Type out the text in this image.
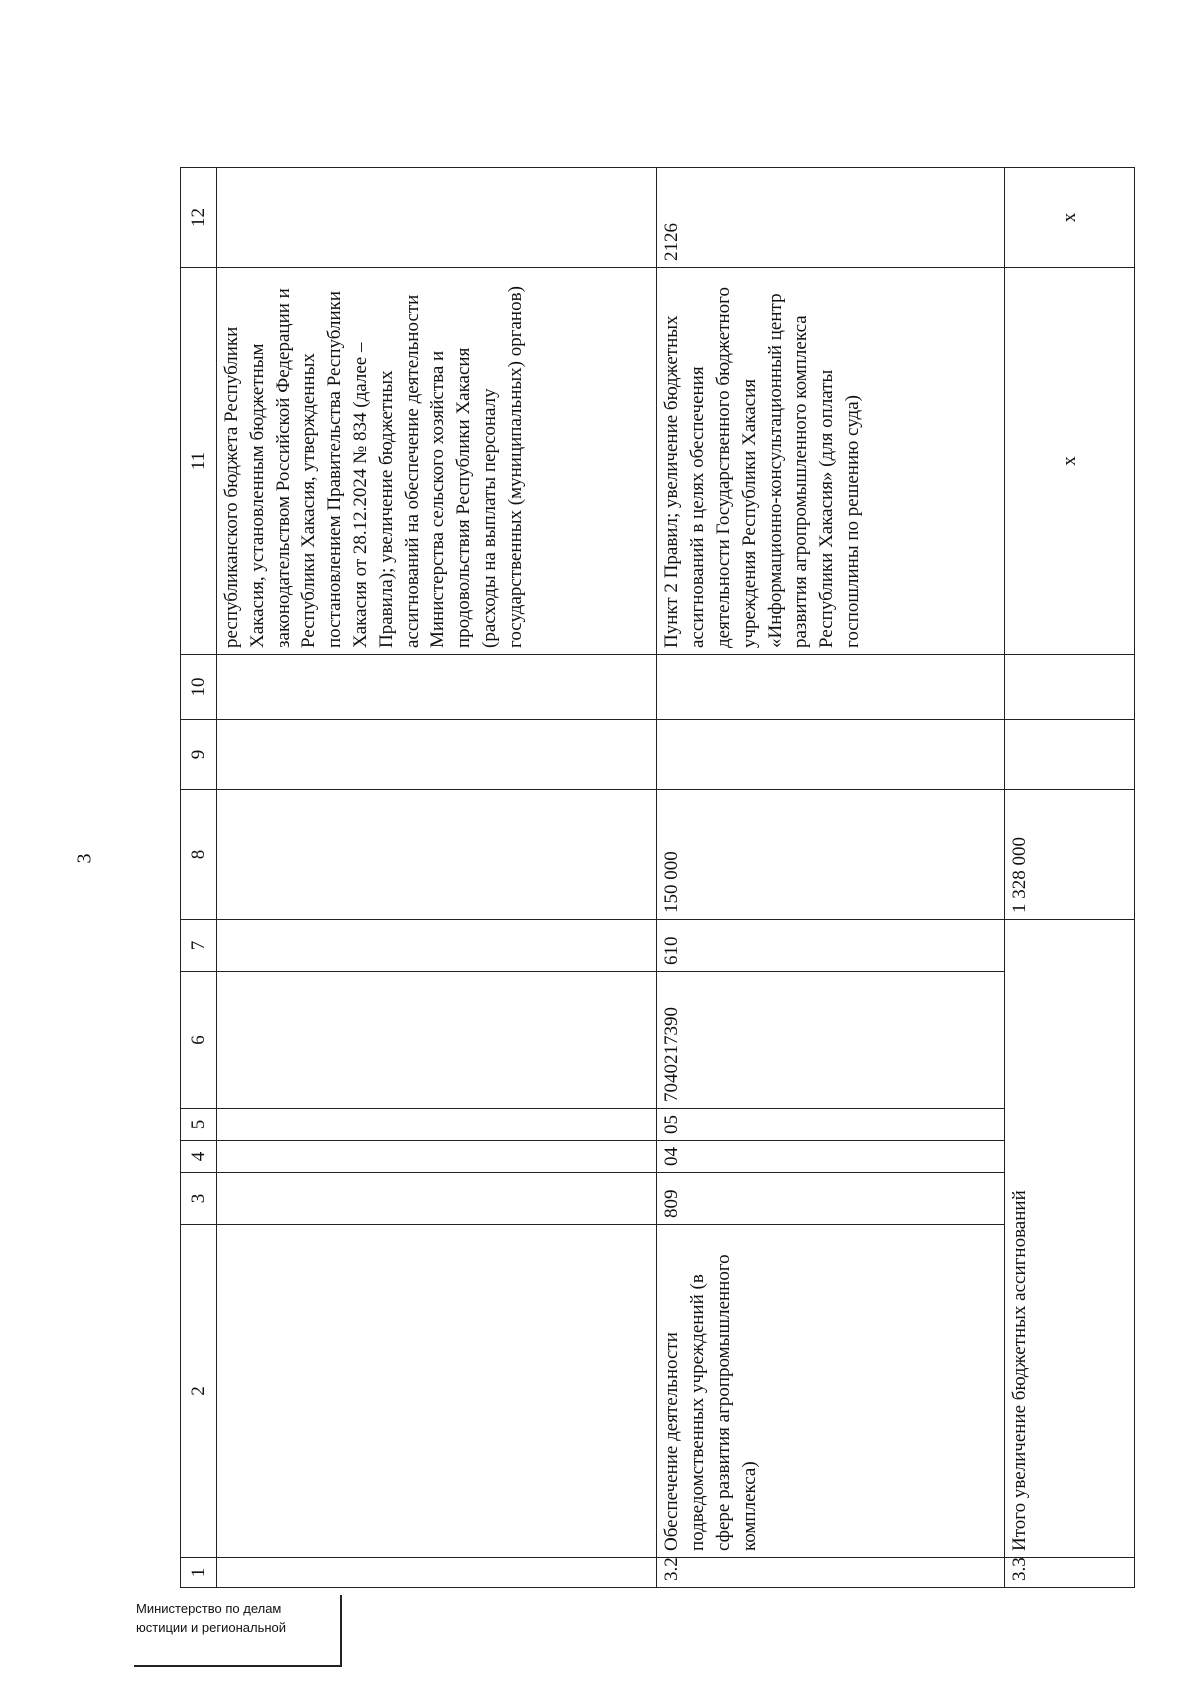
3
1	2	3	4	5	6	7	8	9	10	11	12
										республиканского бюджета Республики Хакасия, установленным бюджетным законодательством Российской Федерации и Республики Хакасия, утвержденных постановлением Правительства Республики Хакасия от 28.12.2024 № 834 (далее – Правила); увеличение бюджетных ассигнований на обеспечение деятельности Министерства сельского хозяйства и продовольствия Республики Хакасия (расходы на выплаты персоналу государственных (муниципальных) органов)	
3.2	Обеспечение деятельности подведомственных учреждений (в сфере развития агропромышленного комплекса)	809	04	05	7040217390	610	150 000			Пункт 2 Правил; увеличение бюджетных ассигнований в целях обеспечения деятельности Государственного бюджетного учреждения Республики Хакасия «Информационно-консультационный центр развития агропромышленного комплекса Республики Хакасия» (для оплаты госпошлины по решению суда)	2126
3.3	Итого увеличение бюджетных ассигнований						1 328 000			х	х
Министерство по делам
юстиции и региональной
